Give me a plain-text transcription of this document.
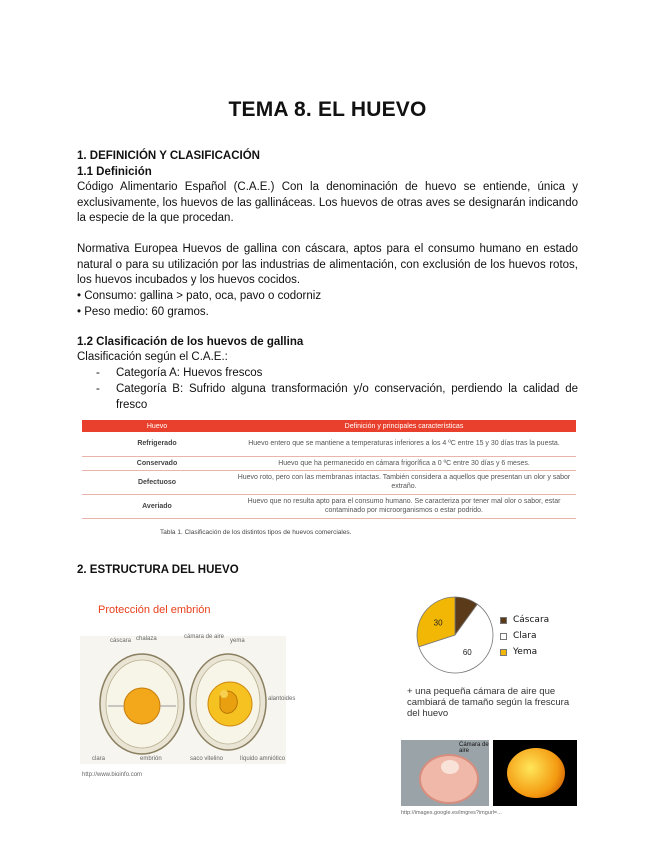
TEMA 8. EL HUEVO
1. DEFINICIÓN Y CLASIFICACIÓN
1.1 Definición
Código Alimentario Español (C.A.E.) Con la denominación de huevo se entiende, única y exclusivamente, los huevos de las gallináceas. Los huevos de otras aves se designarán indicando la especie de la que procedan.
Normativa Europea Huevos de gallina con cáscara, aptos para el consumo humano en estado natural o para su utilización por las industrias de alimentación, con exclusión de los huevos rotos, los huevos incubados y los huevos cocidos.
• Consumo: gallina > pato, oca, pavo o codorniz
• Peso medio: 60 gramos.
1.2 Clasificación de los huevos de gallina
Clasificación según el C.A.E.:
- Categoría A: Huevos frescos
- Categoría B: Sufrido alguna transformación y/o conservación, perdiendo la calidad de fresco
Huevo	Definición y principales características
Refrigerado	Huevo entero que se mantiene a temperaturas inferiores a los 4 ºC entre 15 y 30 días tras la puesta.
Conservado	Huevo que ha permanecido en cámara frigorífica a 0 ºC entre 30 días y 6 meses.
Defectuoso	Huevo roto, pero con las membranas intactas. También considera a aquellos que presentan un olor y sabor extraño.
Averiado	Huevo que no resulta apto para el consumo humano. Se caracteriza por tener mal olor o sabor, estar contaminado por microorganismos o estar podrido.
Tabla 1. Clasificación de los distintos tipos de huevos comerciales.
2. ESTRUCTURA DEL HUEVO
Protección del embrión
cáscara chalaza	cámara de aire
yema
clara
alantoides
embrión	saco vitelino	líquido amniótico
http://www.bioinfo.com
60
30	Cáscara
Clara
Yema
+ una pequeña cámara de aire que cambiará de tamaño según la frescura del huevo
Cámara de aire
http://images.google.es/imgres?imgurl=...
